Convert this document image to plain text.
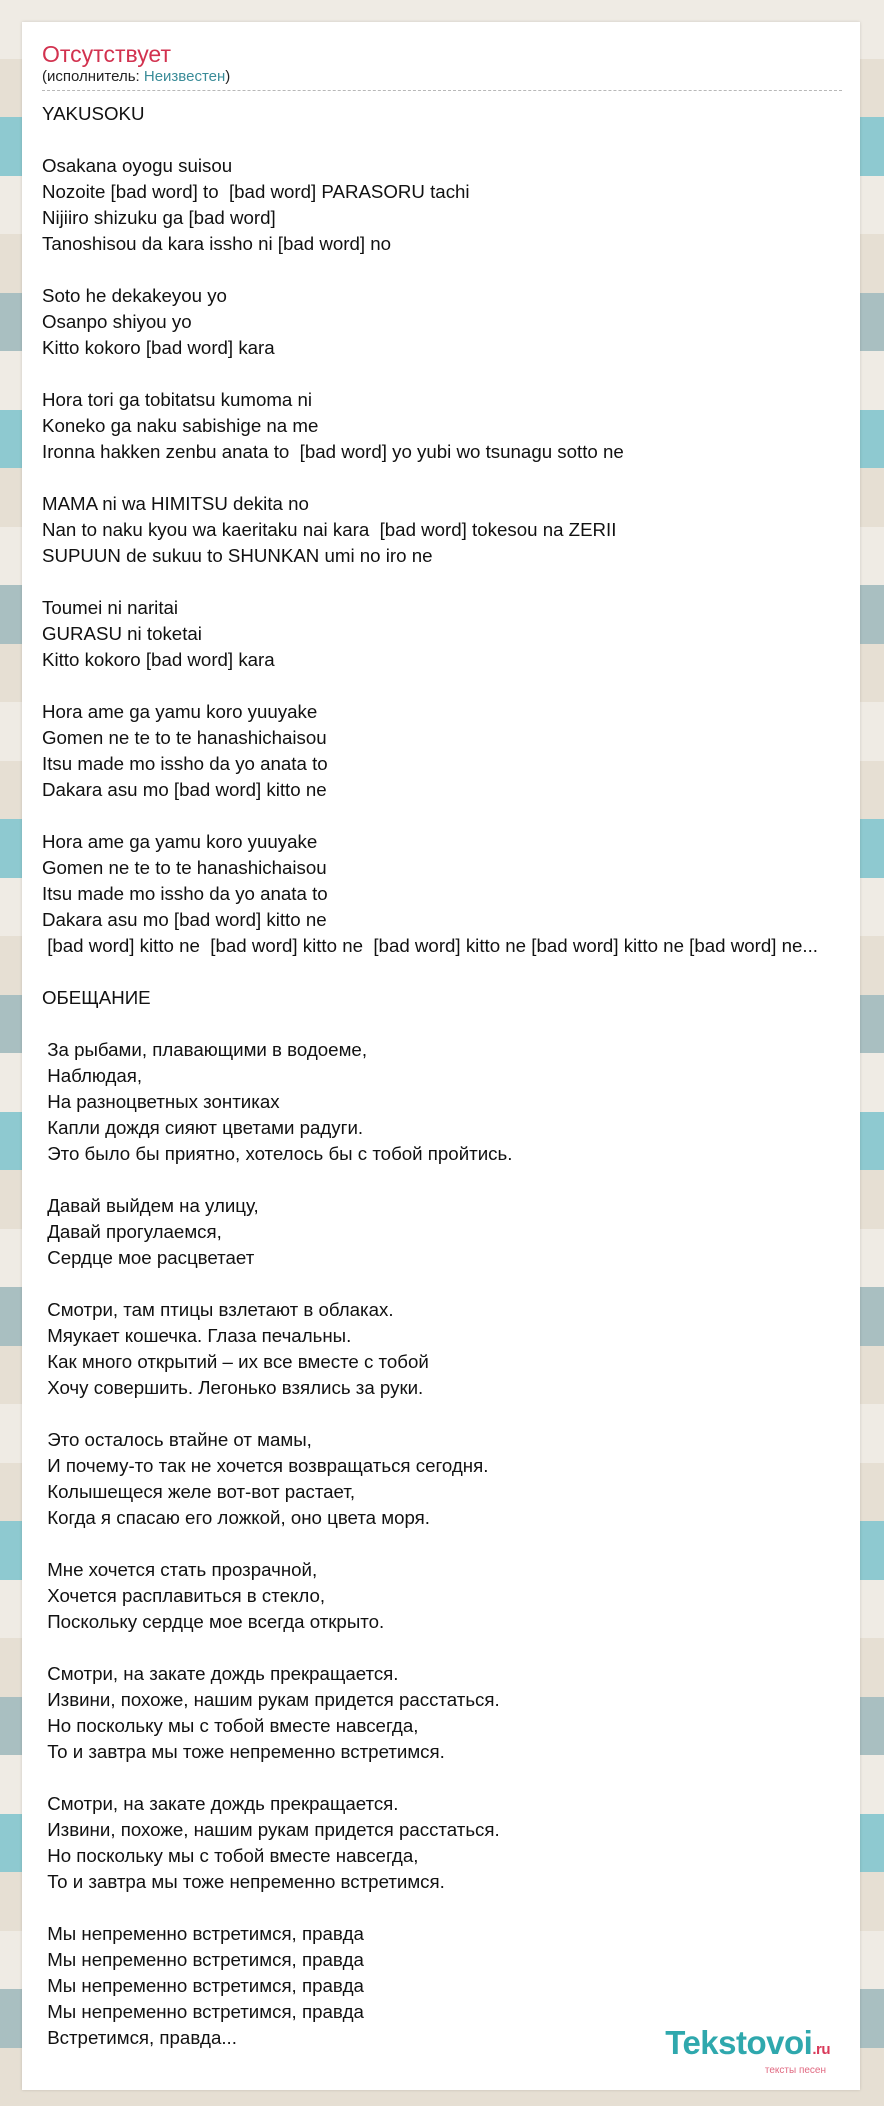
Отсутствует
(исполнитель: Неизвестен)
YAKUSOKU
Osakana oyogu suisou
Nozoite [bad word] to  [bad word] PARASORU tachi
Nijiiro shizuku ga [bad word]
Tanoshisou da kara issho ni [bad word] no
Soto he dekakeyou yo
Osanpo shiyou yo
Kitto kokoro [bad word] kara
Hora tori ga tobitatsu kumoma ni
Koneko ga naku sabishige na me
Ironna hakken zenbu anata to  [bad word] yo yubi wo tsunagu sotto ne
MAMA ni wa HIMITSU dekita no
Nan to naku kyou wa kaeritaku nai kara  [bad word] tokesou na ZERII
SUPUUN de sukuu to SHUNKAN umi no iro ne
Toumei ni naritai
GURASU ni toketai
Kitto kokoro [bad word] kara
Hora ame ga yamu koro yuuyake
Gomen ne te to te hanashichaisou
Itsu made mo issho da yo anata to
Dakara asu mo [bad word] kitto ne
Hora ame ga yamu koro yuuyake
Gomen ne te to te hanashichaisou
Itsu made mo issho da yo anata to
Dakara asu mo [bad word] kitto ne
[bad word] kitto ne  [bad word] kitto ne  [bad word] kitto ne [bad word] kitto ne [bad word] ne...
ОБЕЩАНИЕ
За рыбами, плавающими в водоеме,
Наблюдая,
На разноцветных зонтиках
Капли дождя сияют цветами радуги.
Это было бы приятно, хотелось бы с тобой пройтись.
Давай выйдем на улицу,
Давай прогулаемся,
Сердце мое расцветает
Смотри, там птицы взлетают в облаках.
Мяукает кошечка. Глаза печальны.
Как много открытий – их все вместе с тобой
Хочу совершить. Легонько взялись за руки.
Это осталось втайне от мамы,
И почему-то так не хочется возвращаться сегодня.
Колышещеся желе вот-вот растает,
Когда я спасаю его ложкой, оно цвета моря.
Мне хочется стать прозрачной,
Хочется расплавиться в стекло,
Поскольку сердце мое всегда открыто.
Смотри, на закате дождь прекращается.
Извини, похоже, нашим рукам придется расстаться.
Но поскольку мы с тобой вместе навсегда,
То и завтра мы тоже непременно встретимся.
Смотри, на закате дождь прекращается.
Извини, похоже, нашим рукам придется расстаться.
Но поскольку мы с тобой вместе навсегда,
То и завтра мы тоже непременно встретимся.
Мы непременно встретимся, правда
Мы непременно встретимся, правда
Мы непременно встретимся, правда
Мы непременно встретимся, правда
Встретимся, правда...	Tekstovoi.ru
тексты песен
